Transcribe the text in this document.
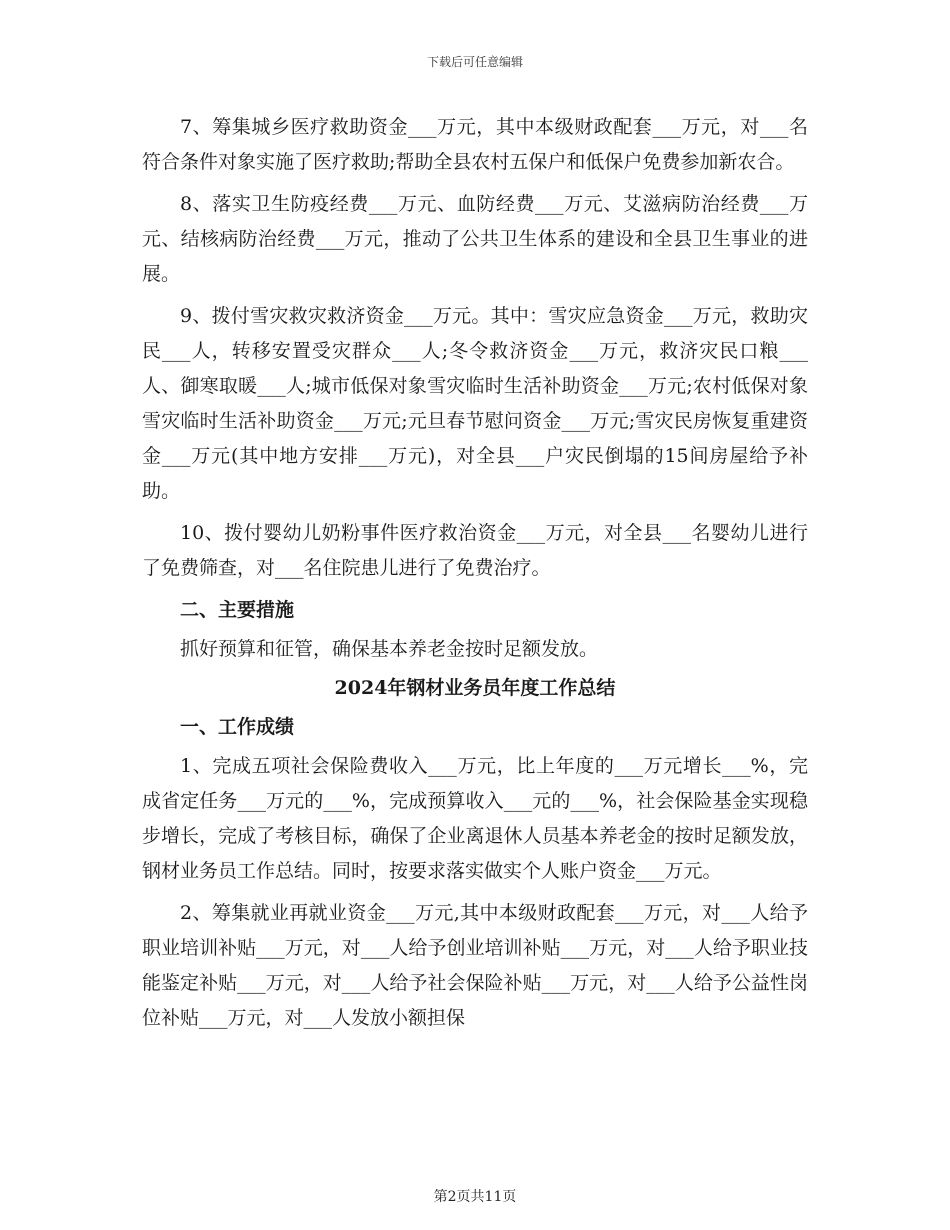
下载后可任意编辑

7、筹集城乡医疗救助资金___万元，其中本级财政配套___万元，对___名符合条件对象实施了医疗救助;帮助全县农村五保户和低保户免费参加新农合。

8、落实卫生防疫经费___万元、血防经费___万元、艾滋病防治经费___万元、结核病防治经费___万元，推动了公共卫生体系的建设和全县卫生事业的进展。

9、拨付雪灾救灾救济资金___万元。其中：雪灾应急资金___万元，救助灾民___人，转移安置受灾群众___人;冬令救济资金___万元，救济灾民口粮___人、御寒取暖___人;城市低保对象雪灾临时生活补助资金___万元;农村低保对象雪灾临时生活补助资金___万元;元旦春节慰问资金___万元;雪灾民房恢复重建资金___万元(其中地方安排___万元)，对全县___户灾民倒塌的15间房屋给予补助。

10、拨付婴幼儿奶粉事件医疗救治资金___万元，对全县___名婴幼儿进行了免费筛查，对___名住院患儿进行了免费治疗。

二、主要措施

抓好预算和征管，确保基本养老金按时足额发放。

2024年钢材业务员年度工作总结

一、工作成绩

1、完成五项社会保险费收入___万元，比上年度的___万元增长___%，完成省定任务___万元的___%，完成预算收入___元的___%，社会保险基金实现稳步增长，完成了考核目标，确保了企业离退休人员基本养老金的按时足额发放，钢材业务员工作总结。同时，按要求落实做实个人账户资金___万元。

2、筹集就业再就业资金___万元,其中本级财政配套___万元，对___人给予职业培训补贴___万元，对___人给予创业培训补贴___万元，对___人给予职业技能鉴定补贴___万元，对___人给予社会保险补贴___万元，对___人给予公益性岗位补贴___万元，对___人发放小额担保

第2页共11页
